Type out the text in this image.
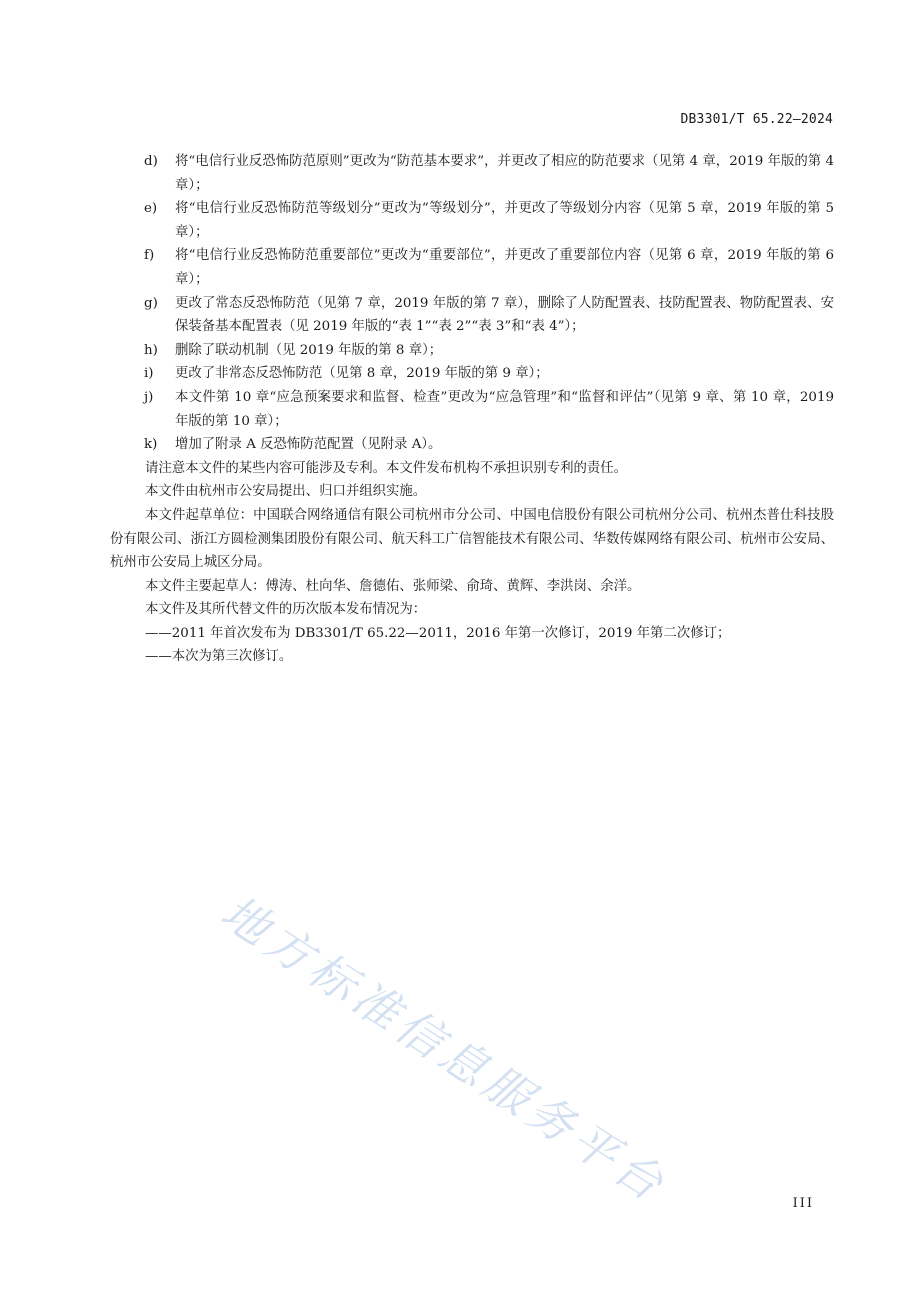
DB3301/T 65.22—2024
d) 将“电信行业反恐怖防范原则”更改为“防范基本要求”，并更改了相应的防范要求（见第 4 章，2019 年版的第 4 章）；
e) 将“电信行业反恐怖防范等级划分”更改为“等级划分”，并更改了等级划分内容（见第 5 章，2019 年版的第 5 章）；
f) 将“电信行业反恐怖防范重要部位”更改为“重要部位”，并更改了重要部位内容（见第 6 章，2019 年版的第 6 章）；
g) 更改了常态反恐怖防范（见第 7 章，2019 年版的第 7 章），删除了人防配置表、技防配置表、物防配置表、安保装备基本配置表（见 2019 年版的“表 1”“表 2”“表 3”和“表 4”）；
h) 删除了联动机制（见 2019 年版的第 8 章）；
i) 更改了非常态反恐怖防范（见第 8 章，2019 年版的第 9 章）；
j) 本文件第 10 章“应急预案要求和监督、检查”更改为“应急管理”和“监督和评估”（见第 9 章、第 10 章，2019 年版的第 10 章）；
k) 增加了附录 A 反恐怖防范配置（见附录 A）。
请注意本文件的某些内容可能涉及专利。本文件发布机构不承担识别专利的责任。
本文件由杭州市公安局提出、归口并组织实施。
本文件起草单位：中国联合网络通信有限公司杭州市分公司、中国电信股份有限公司杭州分公司、杭州杰普仕科技股份有限公司、浙江方圆检测集团股份有限公司、航天科工广信智能技术有限公司、华数传媒网络有限公司、杭州市公安局、杭州市公安局上城区分局。
本文件主要起草人：傅涛、杜向华、詹德佑、张师梁、俞琦、黄辉、李洪岗、余洋。
本文件及其所代替文件的历次版本发布情况为：
——2011 年首次发布为 DB3301/T 65.22—2011，2016 年第一次修订，2019 年第二次修订；
——本次为第三次修订。
地方标准信息服务平台	III
